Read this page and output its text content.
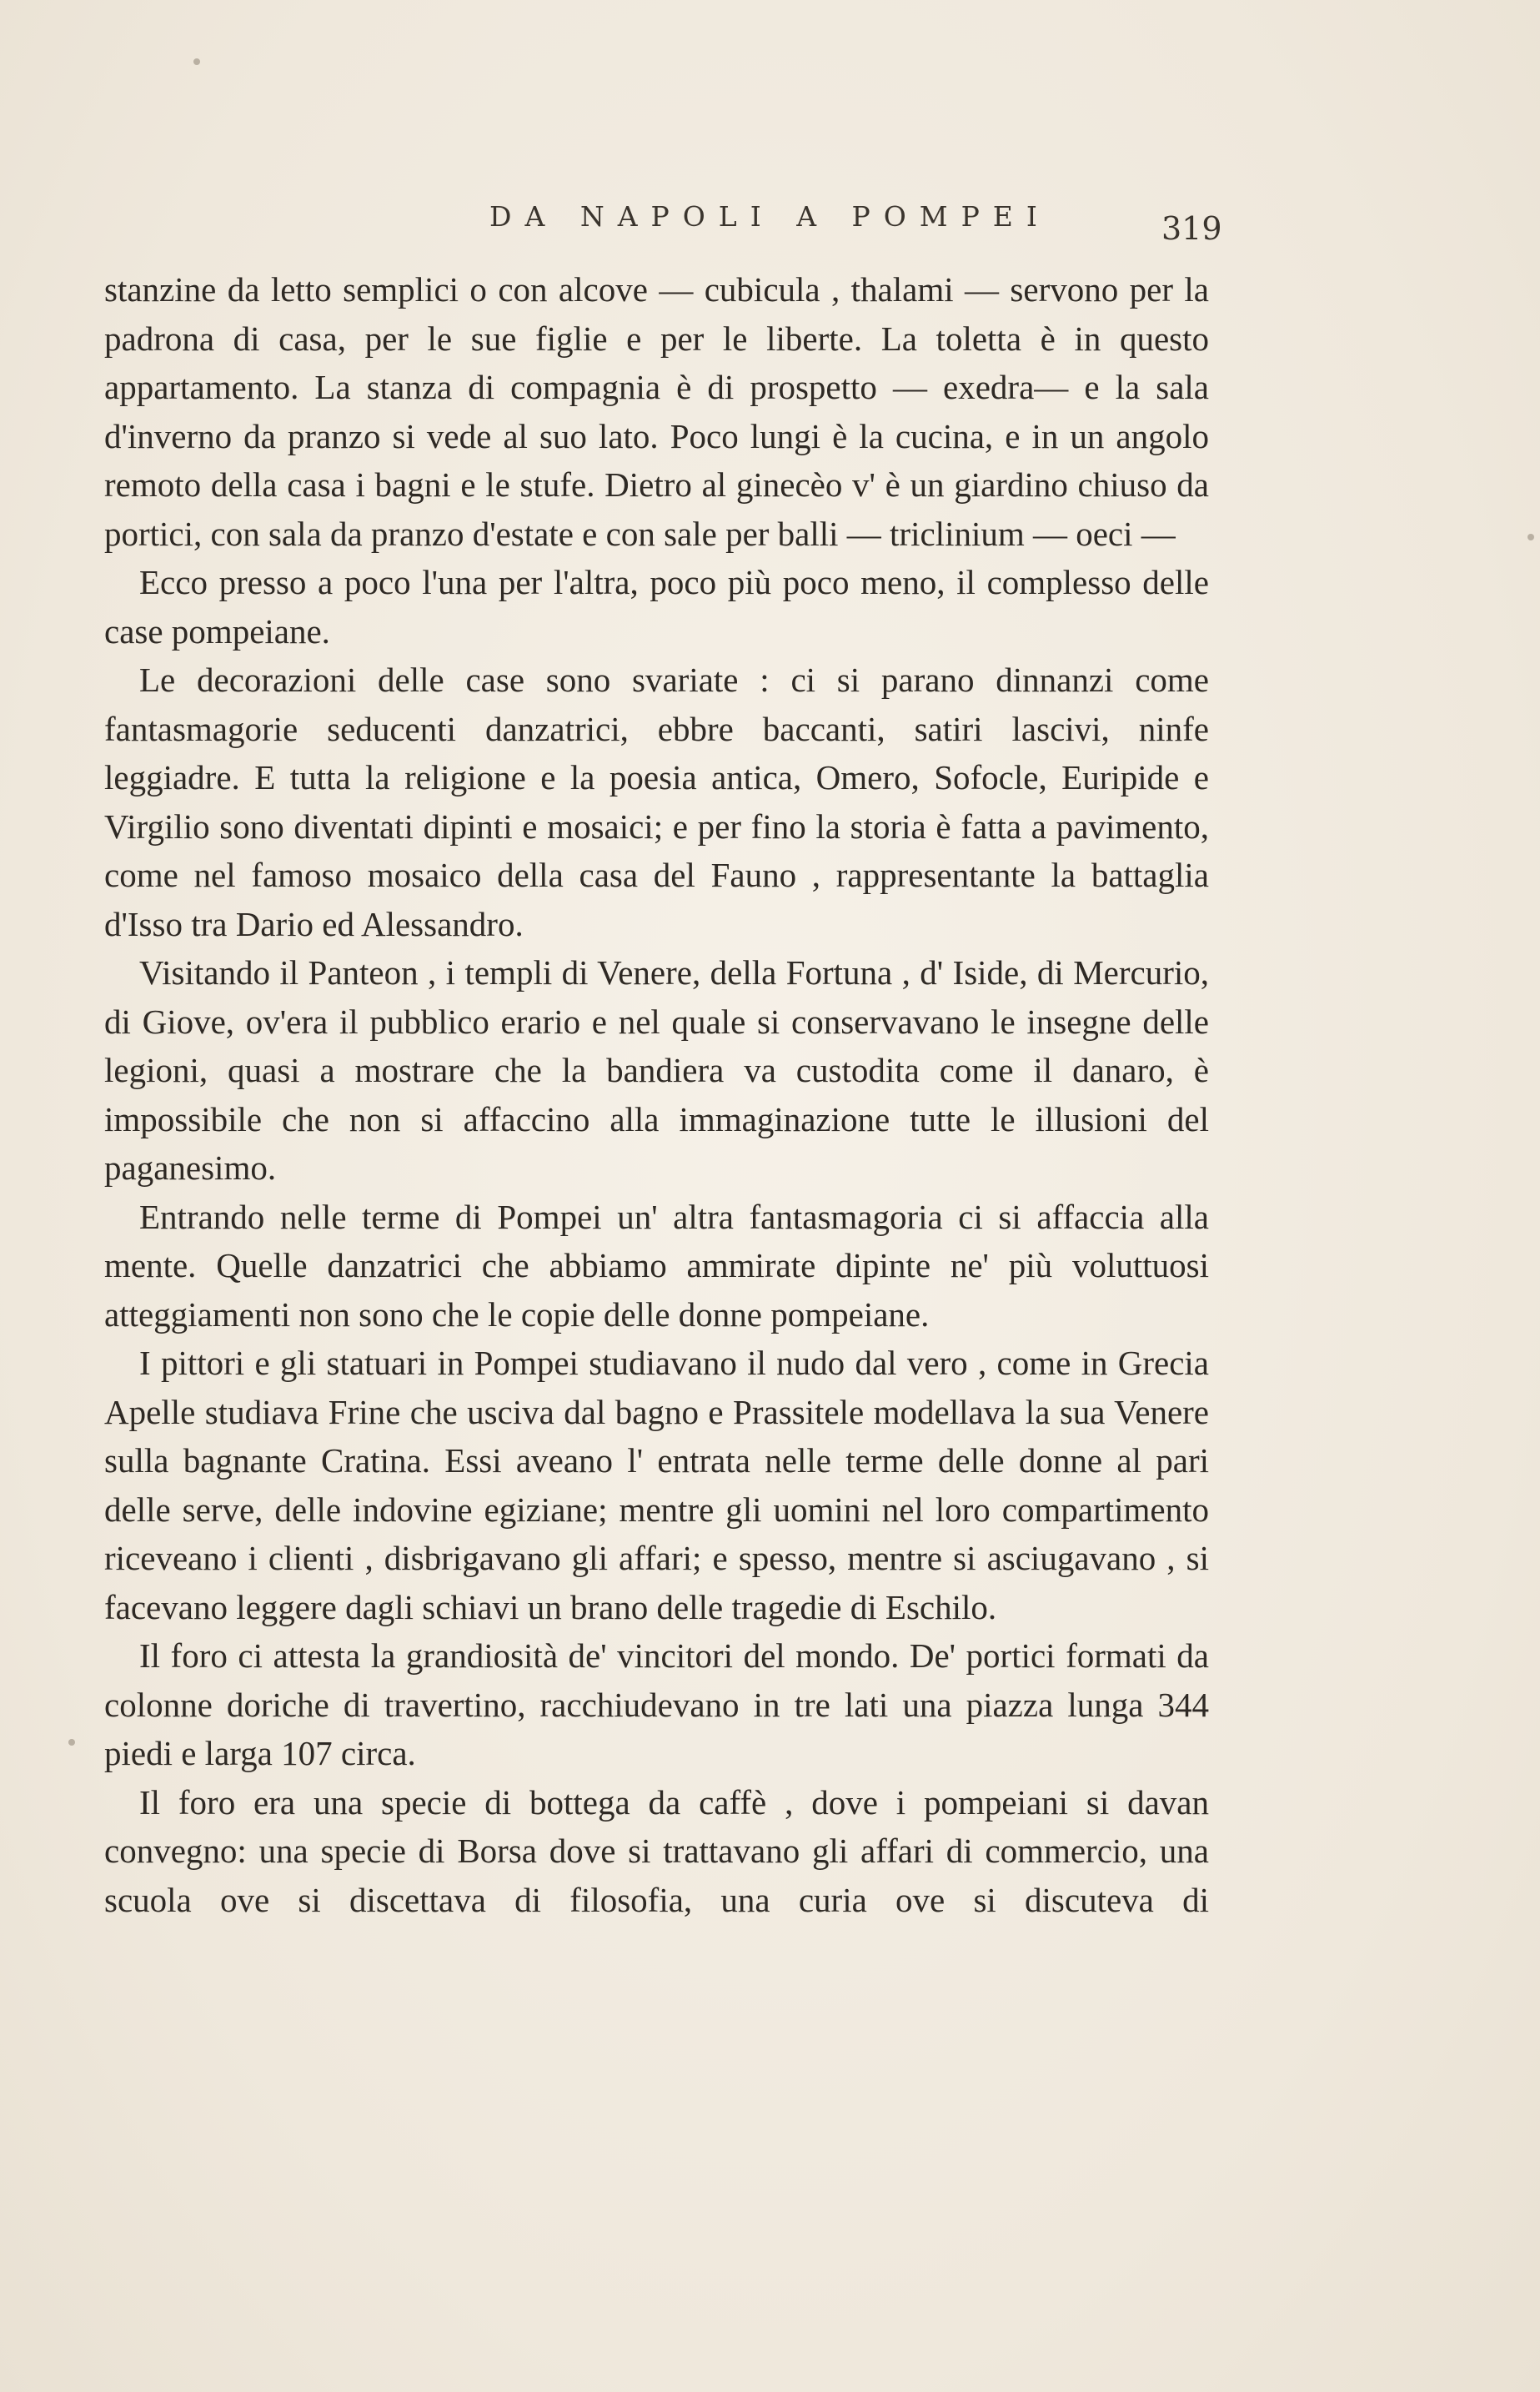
DA NAPOLI A POMPEI	319

stanzine da letto semplici o con alcove — cubicula , thalami — servono per la padrona di casa, per le sue figlie e per le liberte. La toletta è in questo appartamento. La stanza di compagnia è di prospetto — exedra— e la sala d'inverno da pranzo si vede al suo lato. Poco lungi è la cucina, e in un angolo remoto della casa i bagni e le stufe. Dietro al ginecèo v' è un giardino chiuso da portici, con sala da pranzo d'estate e con sale per balli — triclinium — oeci —

Ecco presso a poco l'una per l'altra, poco più poco meno, il complesso delle case pompeiane.

Le decorazioni delle case sono svariate : ci si parano dinnanzi come fantasmagorie seducenti danzatrici, ebbre baccanti, satiri lascivi, ninfe leggiadre. E tutta la religione e la poesia antica, Omero, Sofocle, Euripide e Virgilio sono diventati dipinti e mosaici; e per fino la storia è fatta a pavimento, come nel famoso mosaico della casa del Fauno , rappresentante la battaglia d'Isso tra Dario ed Alessandro.

Visitando il Panteon , i templi di Venere, della Fortuna , d' Iside, di Mercurio, di Giove, ov'era il pubblico erario e nel quale si conservavano le insegne delle legioni, quasi a mostrare che la bandiera va custodita come il danaro, è impossibile che non si affaccino alla immaginazione tutte le illusioni del paganesimo.

Entrando nelle terme di Pompei un' altra fantasmagoria ci si affaccia alla mente. Quelle danzatrici che abbiamo ammirate dipinte ne' più voluttuosi atteggiamenti non sono che le copie delle donne pompeiane.

I pittori e gli statuari in Pompei studiavano il nudo dal vero , come in Grecia Apelle studiava Frine che usciva dal bagno e Prassitele modellava la sua Venere sulla bagnante Cratina. Essi aveano l' entrata nelle terme delle donne al pari delle serve, delle indovine egiziane; mentre gli uomini nel loro compartimento riceveano i clienti , disbrigavano gli affari; e spesso, mentre si asciugavano , si facevano leggere dagli schiavi un brano delle tragedie di Eschilo.

Il foro ci attesta la grandiosità de' vincitori del mondo. De' portici formati da colonne doriche di travertino, racchiudevano in tre lati una piazza lunga 344 piedi e larga 107 circa.

Il foro era una specie di bottega da caffè , dove i pompeiani si davan convegno: una specie di Borsa dove si trattavano gli affari di commercio, una scuola ove si discettava di filosofia, una curia ove si discuteva di
